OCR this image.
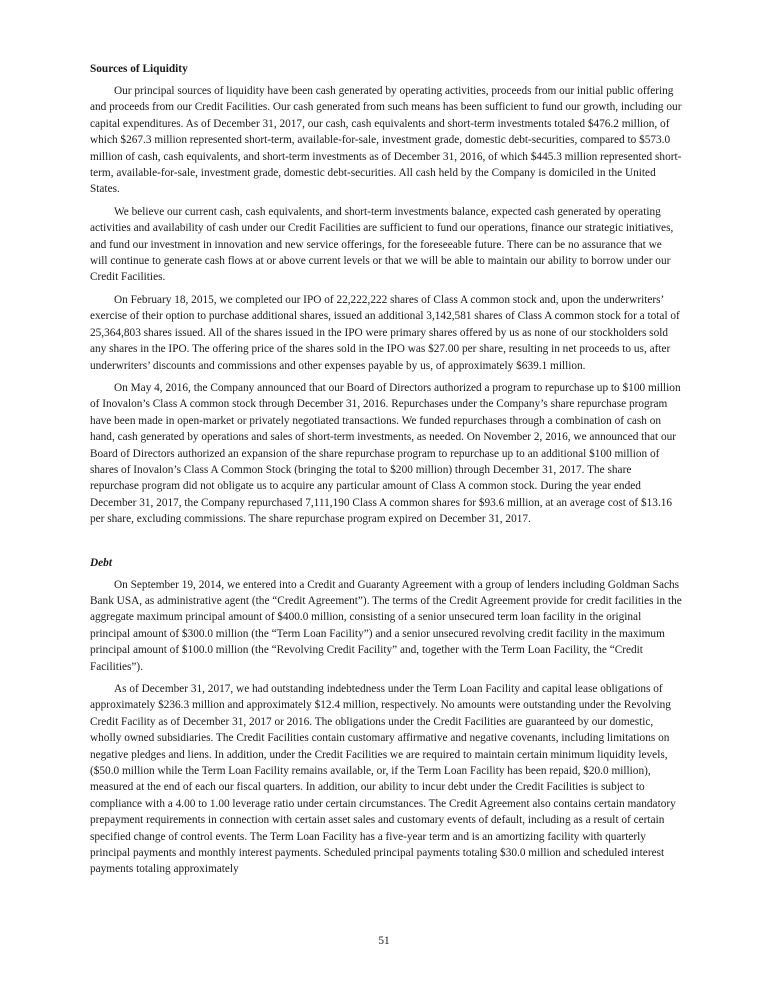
Sources of Liquidity

Our principal sources of liquidity have been cash generated by operating activities, proceeds from our initial public offering and proceeds from our Credit Facilities. Our cash generated from such means has been sufficient to fund our growth, including our capital expenditures. As of December 31, 2017, our cash, cash equivalents and short-term investments totaled $476.2 million, of which $267.3 million represented short-term, available-for-sale, investment grade, domestic debt-securities, compared to $573.0 million of cash, cash equivalents, and short-term investments as of December 31, 2016, of which $445.3 million represented short-term, available-for-sale, investment grade, domestic debt-securities. All cash held by the Company is domiciled in the United States.

We believe our current cash, cash equivalents, and short-term investments balance, expected cash generated by operating activities and availability of cash under our Credit Facilities are sufficient to fund our operations, finance our strategic initiatives, and fund our investment in innovation and new service offerings, for the foreseeable future. There can be no assurance that we will continue to generate cash flows at or above current levels or that we will be able to maintain our ability to borrow under our Credit Facilities.

On February 18, 2015, we completed our IPO of 22,222,222 shares of Class A common stock and, upon the underwriters’ exercise of their option to purchase additional shares, issued an additional 3,142,581 shares of Class A common stock for a total of 25,364,803 shares issued. All of the shares issued in the IPO were primary shares offered by us as none of our stockholders sold any shares in the IPO. The offering price of the shares sold in the IPO was $27.00 per share, resulting in net proceeds to us, after underwriters’ discounts and commissions and other expenses payable by us, of approximately $639.1 million.

On May 4, 2016, the Company announced that our Board of Directors authorized a program to repurchase up to $100 million of Inovalon’s Class A common stock through December 31, 2016. Repurchases under the Company’s share repurchase program have been made in open-market or privately negotiated transactions. We funded repurchases through a combination of cash on hand, cash generated by operations and sales of short-term investments, as needed. On November 2, 2016, we announced that our Board of Directors authorized an expansion of the share repurchase program to repurchase up to an additional $100 million of shares of Inovalon’s Class A Common Stock (bringing the total to $200 million) through December 31, 2017. The share repurchase program did not obligate us to acquire any particular amount of Class A common stock. During the year ended December 31, 2017, the Company repurchased 7,111,190 Class A common shares for $93.6 million, at an average cost of $13.16 per share, excluding commissions. The share repurchase program expired on December 31, 2017.

Debt

On September 19, 2014, we entered into a Credit and Guaranty Agreement with a group of lenders including Goldman Sachs Bank USA, as administrative agent (the “Credit Agreement”). The terms of the Credit Agreement provide for credit facilities in the aggregate maximum principal amount of $400.0 million, consisting of a senior unsecured term loan facility in the original principal amount of $300.0 million (the “Term Loan Facility”) and a senior unsecured revolving credit facility in the maximum principal amount of $100.0 million (the “Revolving Credit Facility” and, together with the Term Loan Facility, the “Credit Facilities”).

As of December 31, 2017, we had outstanding indebtedness under the Term Loan Facility and capital lease obligations of approximately $236.3 million and approximately $12.4 million, respectively. No amounts were outstanding under the Revolving Credit Facility as of December 31, 2017 or 2016. The obligations under the Credit Facilities are guaranteed by our domestic, wholly owned subsidiaries. The Credit Facilities contain customary affirmative and negative covenants, including limitations on negative pledges and liens. In addition, under the Credit Facilities we are required to maintain certain minimum liquidity levels, ($50.0 million while the Term Loan Facility remains available, or, if the Term Loan Facility has been repaid, $20.0 million), measured at the end of each our fiscal quarters. In addition, our ability to incur debt under the Credit Facilities is subject to compliance with a 4.00 to 1.00 leverage ratio under certain circumstances. The Credit Agreement also contains certain mandatory prepayment requirements in connection with certain asset sales and customary events of default, including as a result of certain specified change of control events. The Term Loan Facility has a five-year term and is an amortizing facility with quarterly principal payments and monthly interest payments. Scheduled principal payments totaling $30.0 million and scheduled interest payments totaling approximately

51
